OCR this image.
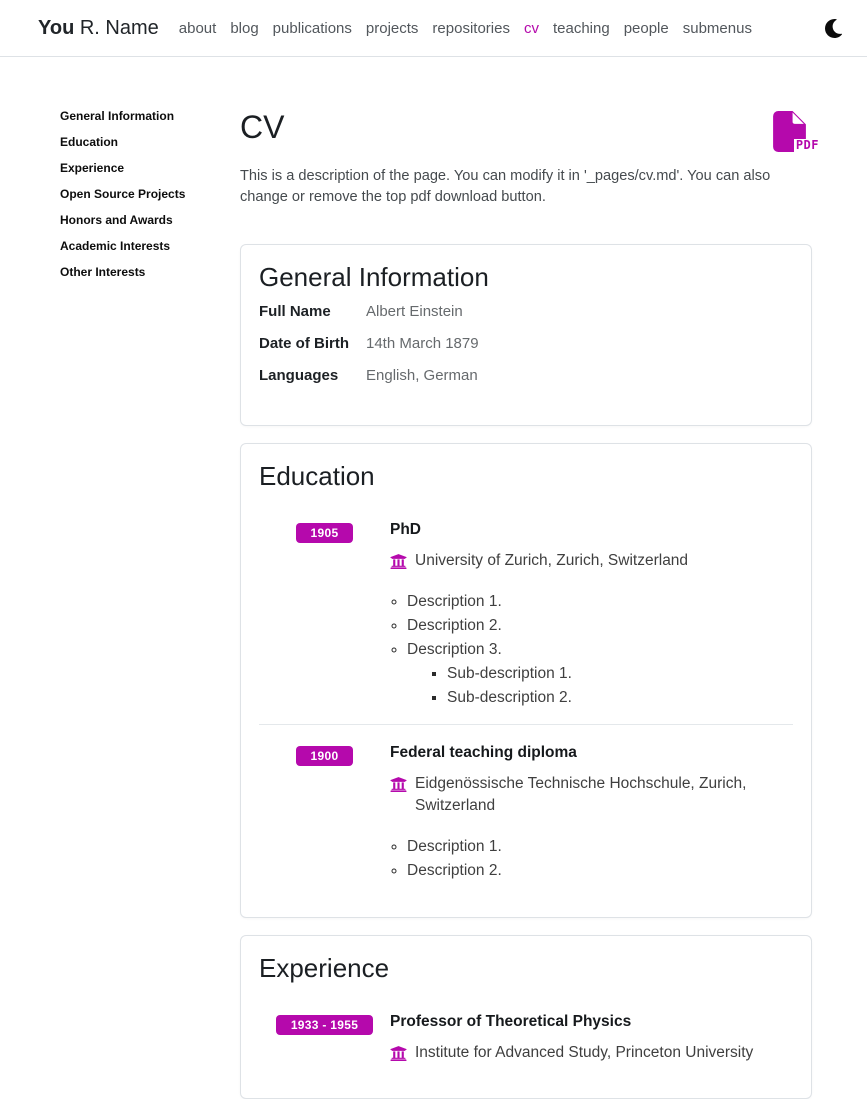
You R. Name about blog publications projects repositories cv teaching people submenus
General Information
Education
Experience
Open Source Projects
Honors and Awards
Academic Interests
Other Interests
CV	PDF

This is a description of the page. You can modify it in '_pages/cv.md'. You can also change or remove the top pdf download button.

General Information
Full Name	Albert Einstein
Date of Birth	14th March 1879
Languages	English, German
Education
1905	PhD
University of Zurich, Zurich, Switzerland
◦ Description 1.
◦ Description 2.
◦ Description 3.
▪ Sub-description 1.
▪ Sub-description 2.
1900	Federal teaching diploma
Eidgenössische Technische Hochschule, Zurich, Switzerland
◦ Description 1.
◦ Description 2.
Experience
1933 - 1955	Professor of Theoretical Physics
Institute for Advanced Study, Princeton University
